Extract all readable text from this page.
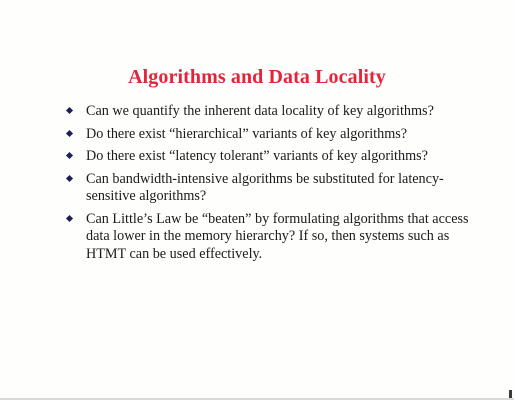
Algorithms and Data Locality
Can we quantify the inherent data locality of key algorithms?
Do there exist “hierarchical” variants of key algorithms?
Do there exist “latency tolerant” variants of key algorithms?
Can bandwidth-intensive algorithms be substituted for latency-sensitive algorithms?
Can Little’s Law be “beaten” by formulating algorithms that access data lower in the memory hierarchy? If so, then systems such as HTMT can be used effectively.
